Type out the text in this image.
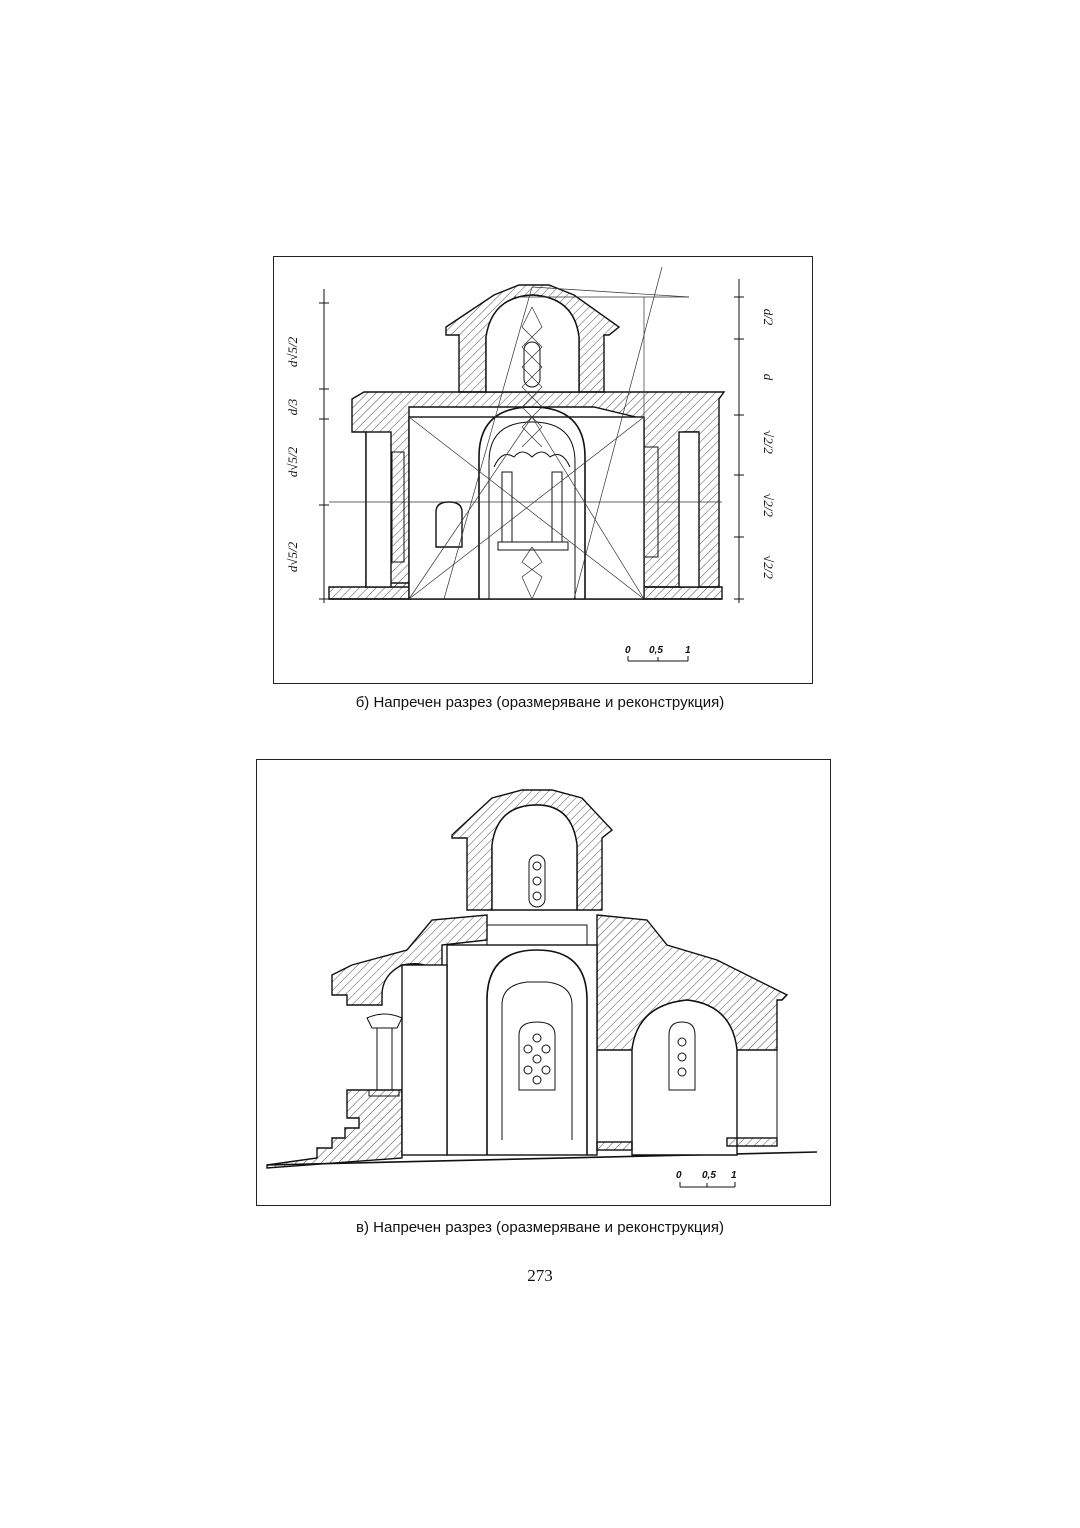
d√5/2
d/3
d√5/2
d√5/2
d/2
d
√2/2
√2/2
√2/2
0 0,5 1
б) Напречен разрез (оразмеряване и реконструкция)
0 0,5 1
в) Напречен разрез (оразмеряване и реконструкция)
273
